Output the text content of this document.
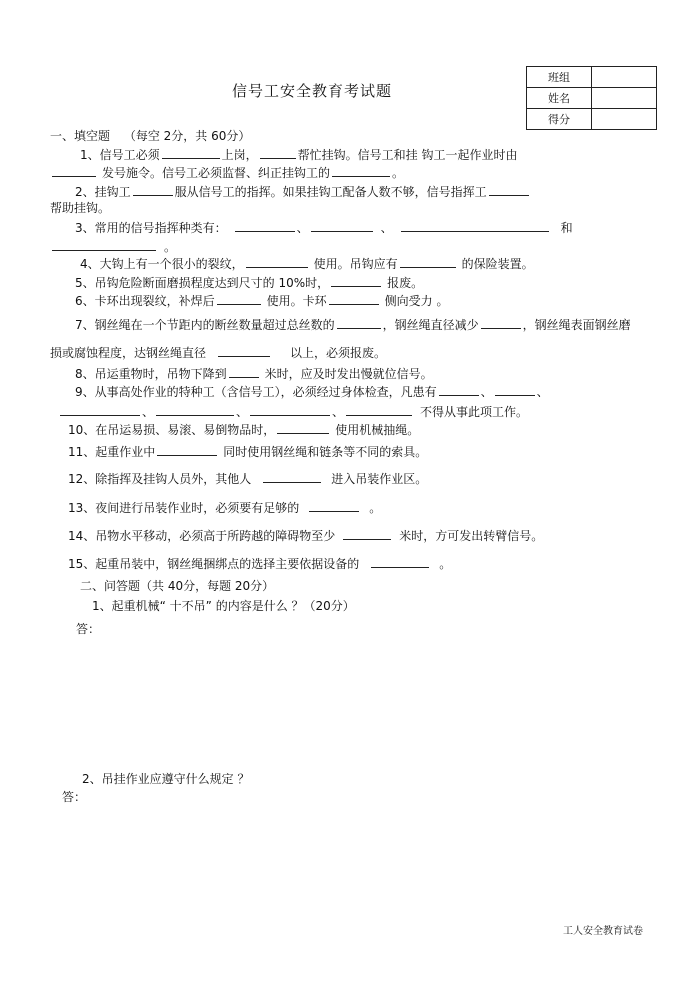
信号工安全教育考试题
班组	
姓名	
得分	
一、填空题 （每空 2分，共 60分）
1、信号工必须	上岗，	帮忙挂钩。信号工和挂 钩工一起作业时由
发号施令。信号工必须监督、纠正挂钩工的	。
2、挂钩工	服从信号工的指挥。如果挂钩工配备人数不够，信号指挥工
帮助挂钩。
3、常用的信号指挥种类有：	、	、	和
。
4、大钩上有一个很小的裂纹，	使用。吊钩应有	的保险装置。
5、吊钩危险断面磨损程度达到尺寸的 10%时，	报废。
6、卡环出现裂纹，补焊后	使用。卡环	侧向受力 。
7、钢丝绳在一个节距内的断丝数量超过总丝数的	，钢丝绳直径减少	，钢丝绳表面钢丝磨
损或腐蚀程度，达钢丝绳直径	以上，必须报废。
8、吊运重物时，吊物下降到	米时，应及时发出慢就位信号。
9、从事高处作业的特种工（含信号工），必须经过身体检查，凡患有	、	、
、	、	、	不得从事此项工作。
10、在吊运易损、易滚、易倒物品时，	使用机械抽绳。
11、起重作业中	同时使用钢丝绳和链条等不同的索具。
12、除指挥及挂钩人员外，其他人	进入吊装作业区。
13、夜间进行吊装作业时，必须要有足够的	。
14、吊物水平移动，必须高于所跨越的障碍物至少	米时，方可发出转臂信号。
15、起重吊装中，钢丝绳捆绑点的选择主要依据设备的	。
二、问答题（共 40分，每题 20分）
1、起重机械“ 十不吊” 的内容是什么 ？（20分）
答：
2、吊挂作业应遵守什么规定 ？
答：
工人安全教育试卷
